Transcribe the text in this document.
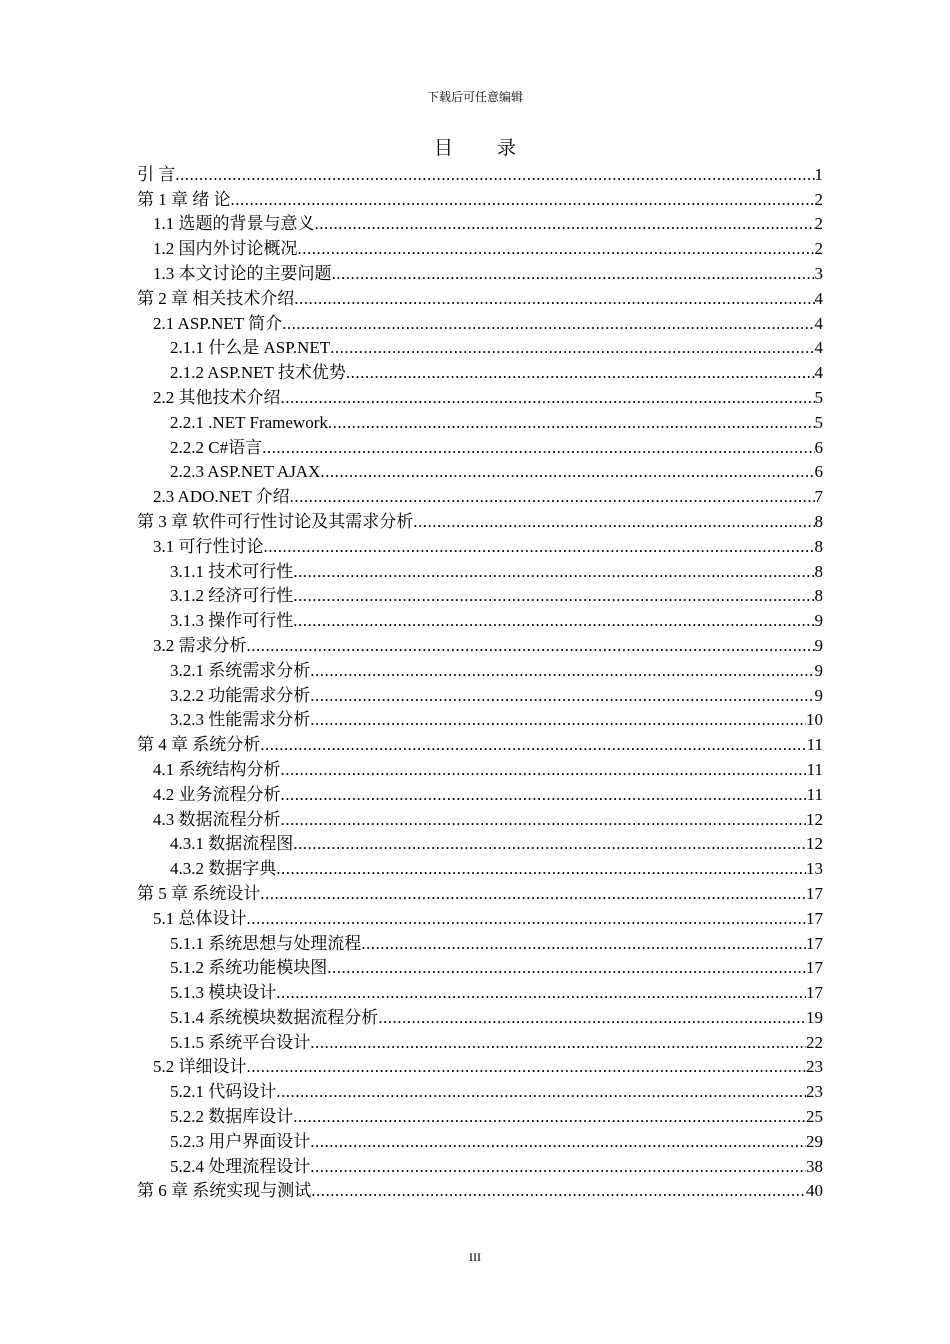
下载后可任意编辑
目 录
引 言 .....	1
第 1 章 绪 论 .....	2
1.1 选题的背景与意义 .....	2
1.2 国内外讨论概况 .....	2
1.3 本文讨论的主要问题 .....	3
第 2 章 相关技术介绍 .....	4
2.1 ASP.NET 简介 .....	4
2.1.1 什么是 ASP.NET .....	4
2.1.2 ASP.NET 技术优势 .....	4
2.2 其他技术介绍 .....	5
2.2.1 .NET Framework .....	5
2.2.2 C#语言 .....	6
2.2.3 ASP.NET AJAX .....	6
2.3 ADO.NET 介绍 .....	7
第 3 章 软件可行性讨论及其需求分析 .....	8
3.1 可行性讨论 .....	8
3.1.1 技术可行性 .....	8
3.1.2 经济可行性 .....	8
3.1.3 操作可行性 .....	9
3.2 需求分析 .....	9
3.2.1 系统需求分析 .....	9
3.2.2 功能需求分析 .....	9
3.2.3 性能需求分析 .....	10
第 4 章 系统分析 .....	11
4.1 系统结构分析 .....	11
4.2 业务流程分析 .....	11
4.3 数据流程分析 .....	12
4.3.1 数据流程图 .....	12
4.3.2 数据字典 .....	13
第 5 章 系统设计 .....	17
5.1 总体设计 .....	17
5.1.1 系统思想与处理流程 .....	17
5.1.2 系统功能模块图 .....	17
5.1.3 模块设计 .....	17
5.1.4 系统模块数据流程分析 .....	19
5.1.5 系统平台设计 .....	22
5.2 详细设计 .....	23
5.2.1 代码设计 .....	23
5.2.2 数据库设计 .....	25
5.2.3 用户界面设计 .....	29
5.2.4 处理流程设计 .....	38
第 6 章 系统实现与测试 .....	40
III
